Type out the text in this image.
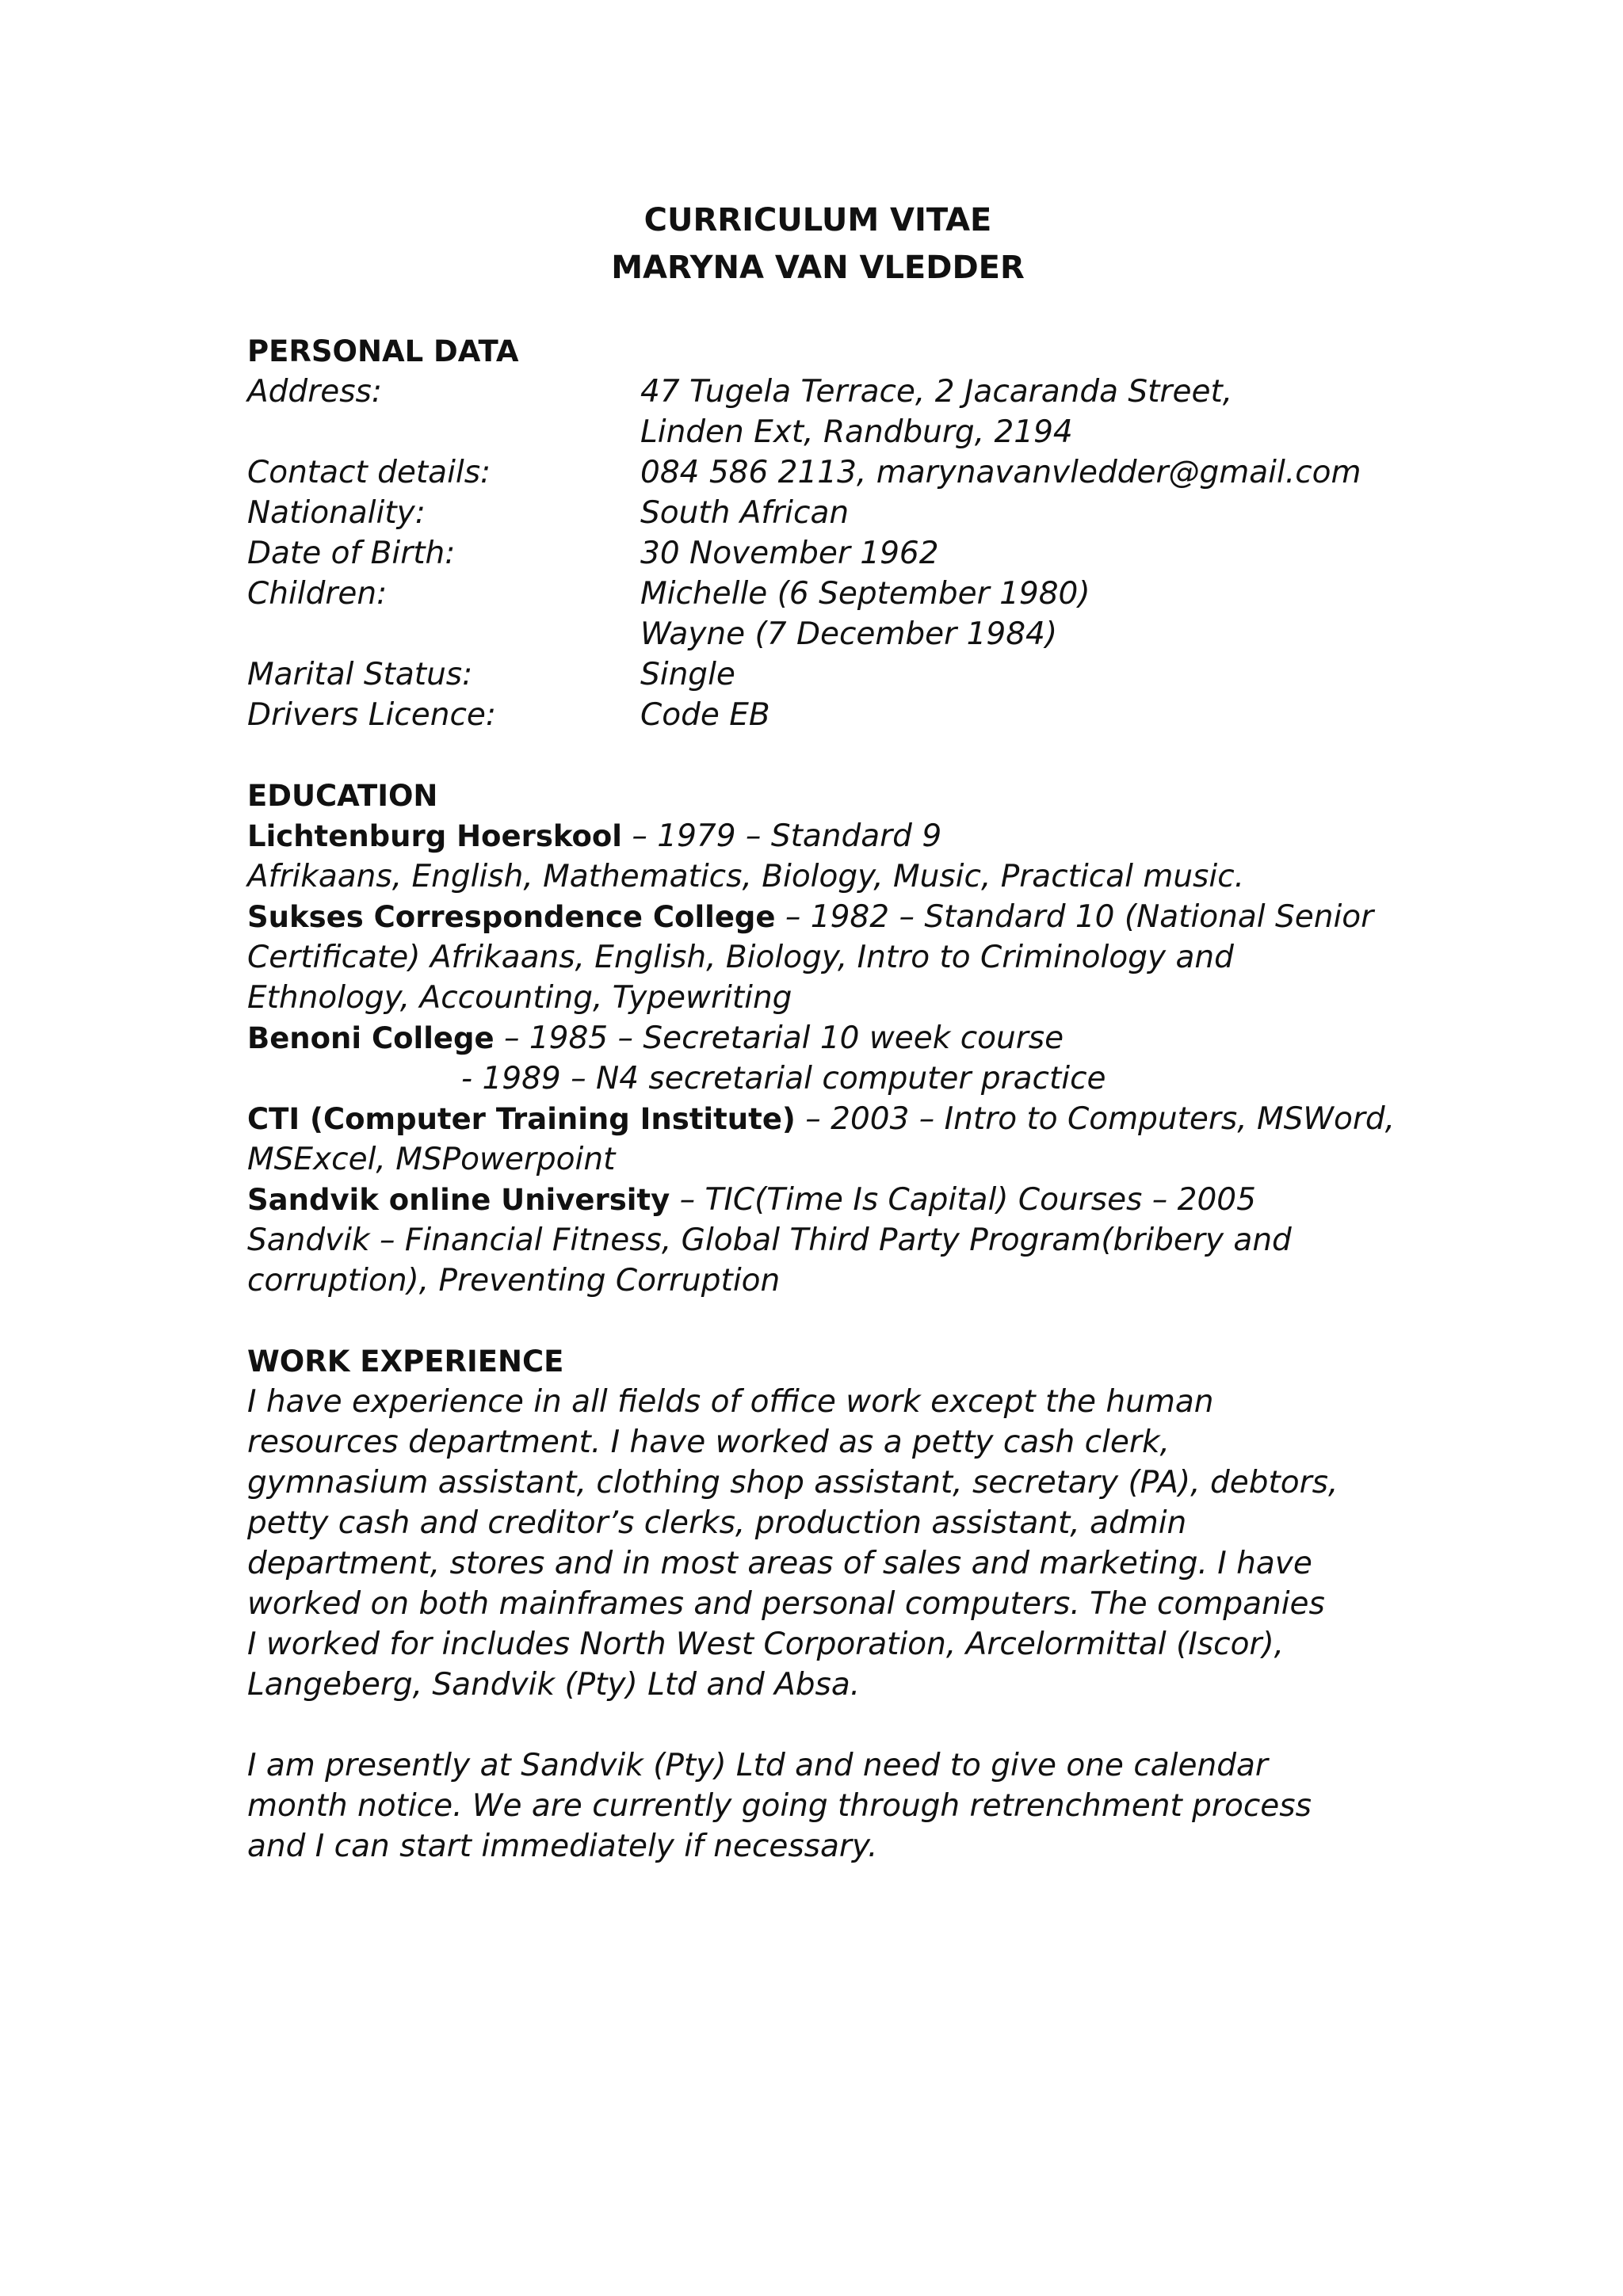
CURRICULUM VITAE
MARYNA VAN VLEDDER
PERSONAL DATA
Address:	47 Tugela Terrace, 2 Jacaranda Street,
Linden Ext, Randburg, 2194
Contact details:	084 586 2113, marynavanvledder@gmail.com
Nationality:	South African
Date of Birth:	30 November 1962
Children:	Michelle (6 September 1980)
Wayne (7 December 1984)
Marital Status:	Single
Drivers Licence:	Code EB
EDUCATION
Lichtenburg Hoerskool – 1979 – Standard 9
Afrikaans, English, Mathematics, Biology, Music, Practical music.
Sukses Correspondence College – 1982 – Standard 10 (National Senior
Certificate) Afrikaans, English, Biology, Intro to Criminology and
Ethnology, Accounting, Typewriting
Benoni College – 1985 – Secretarial 10 week course
- 1989 – N4 secretarial computer practice
CTI (Computer Training Institute) – 2003 – Intro to Computers, MSWord,
MSExcel, MSPowerpoint
Sandvik online University – TIC(Time Is Capital) Courses – 2005
Sandvik – Financial Fitness, Global Third Party Program(bribery and
corruption), Preventing Corruption
WORK EXPERIENCE
I have experience in all fields of office work except the human
resources department. I have worked as a petty cash clerk,
gymnasium assistant, clothing shop assistant, secretary (PA), debtors,
petty cash and creditor’s clerks, production assistant, admin
department, stores and in most areas of sales and marketing. I have
worked on both mainframes and personal computers. The companies
I worked for includes North West Corporation, Arcelormittal (Iscor),
Langeberg, Sandvik (Pty) Ltd and Absa.
I am presently at Sandvik (Pty) Ltd and need to give one calendar
month notice. We are currently going through retrenchment process
and I can start immediately if necessary.
